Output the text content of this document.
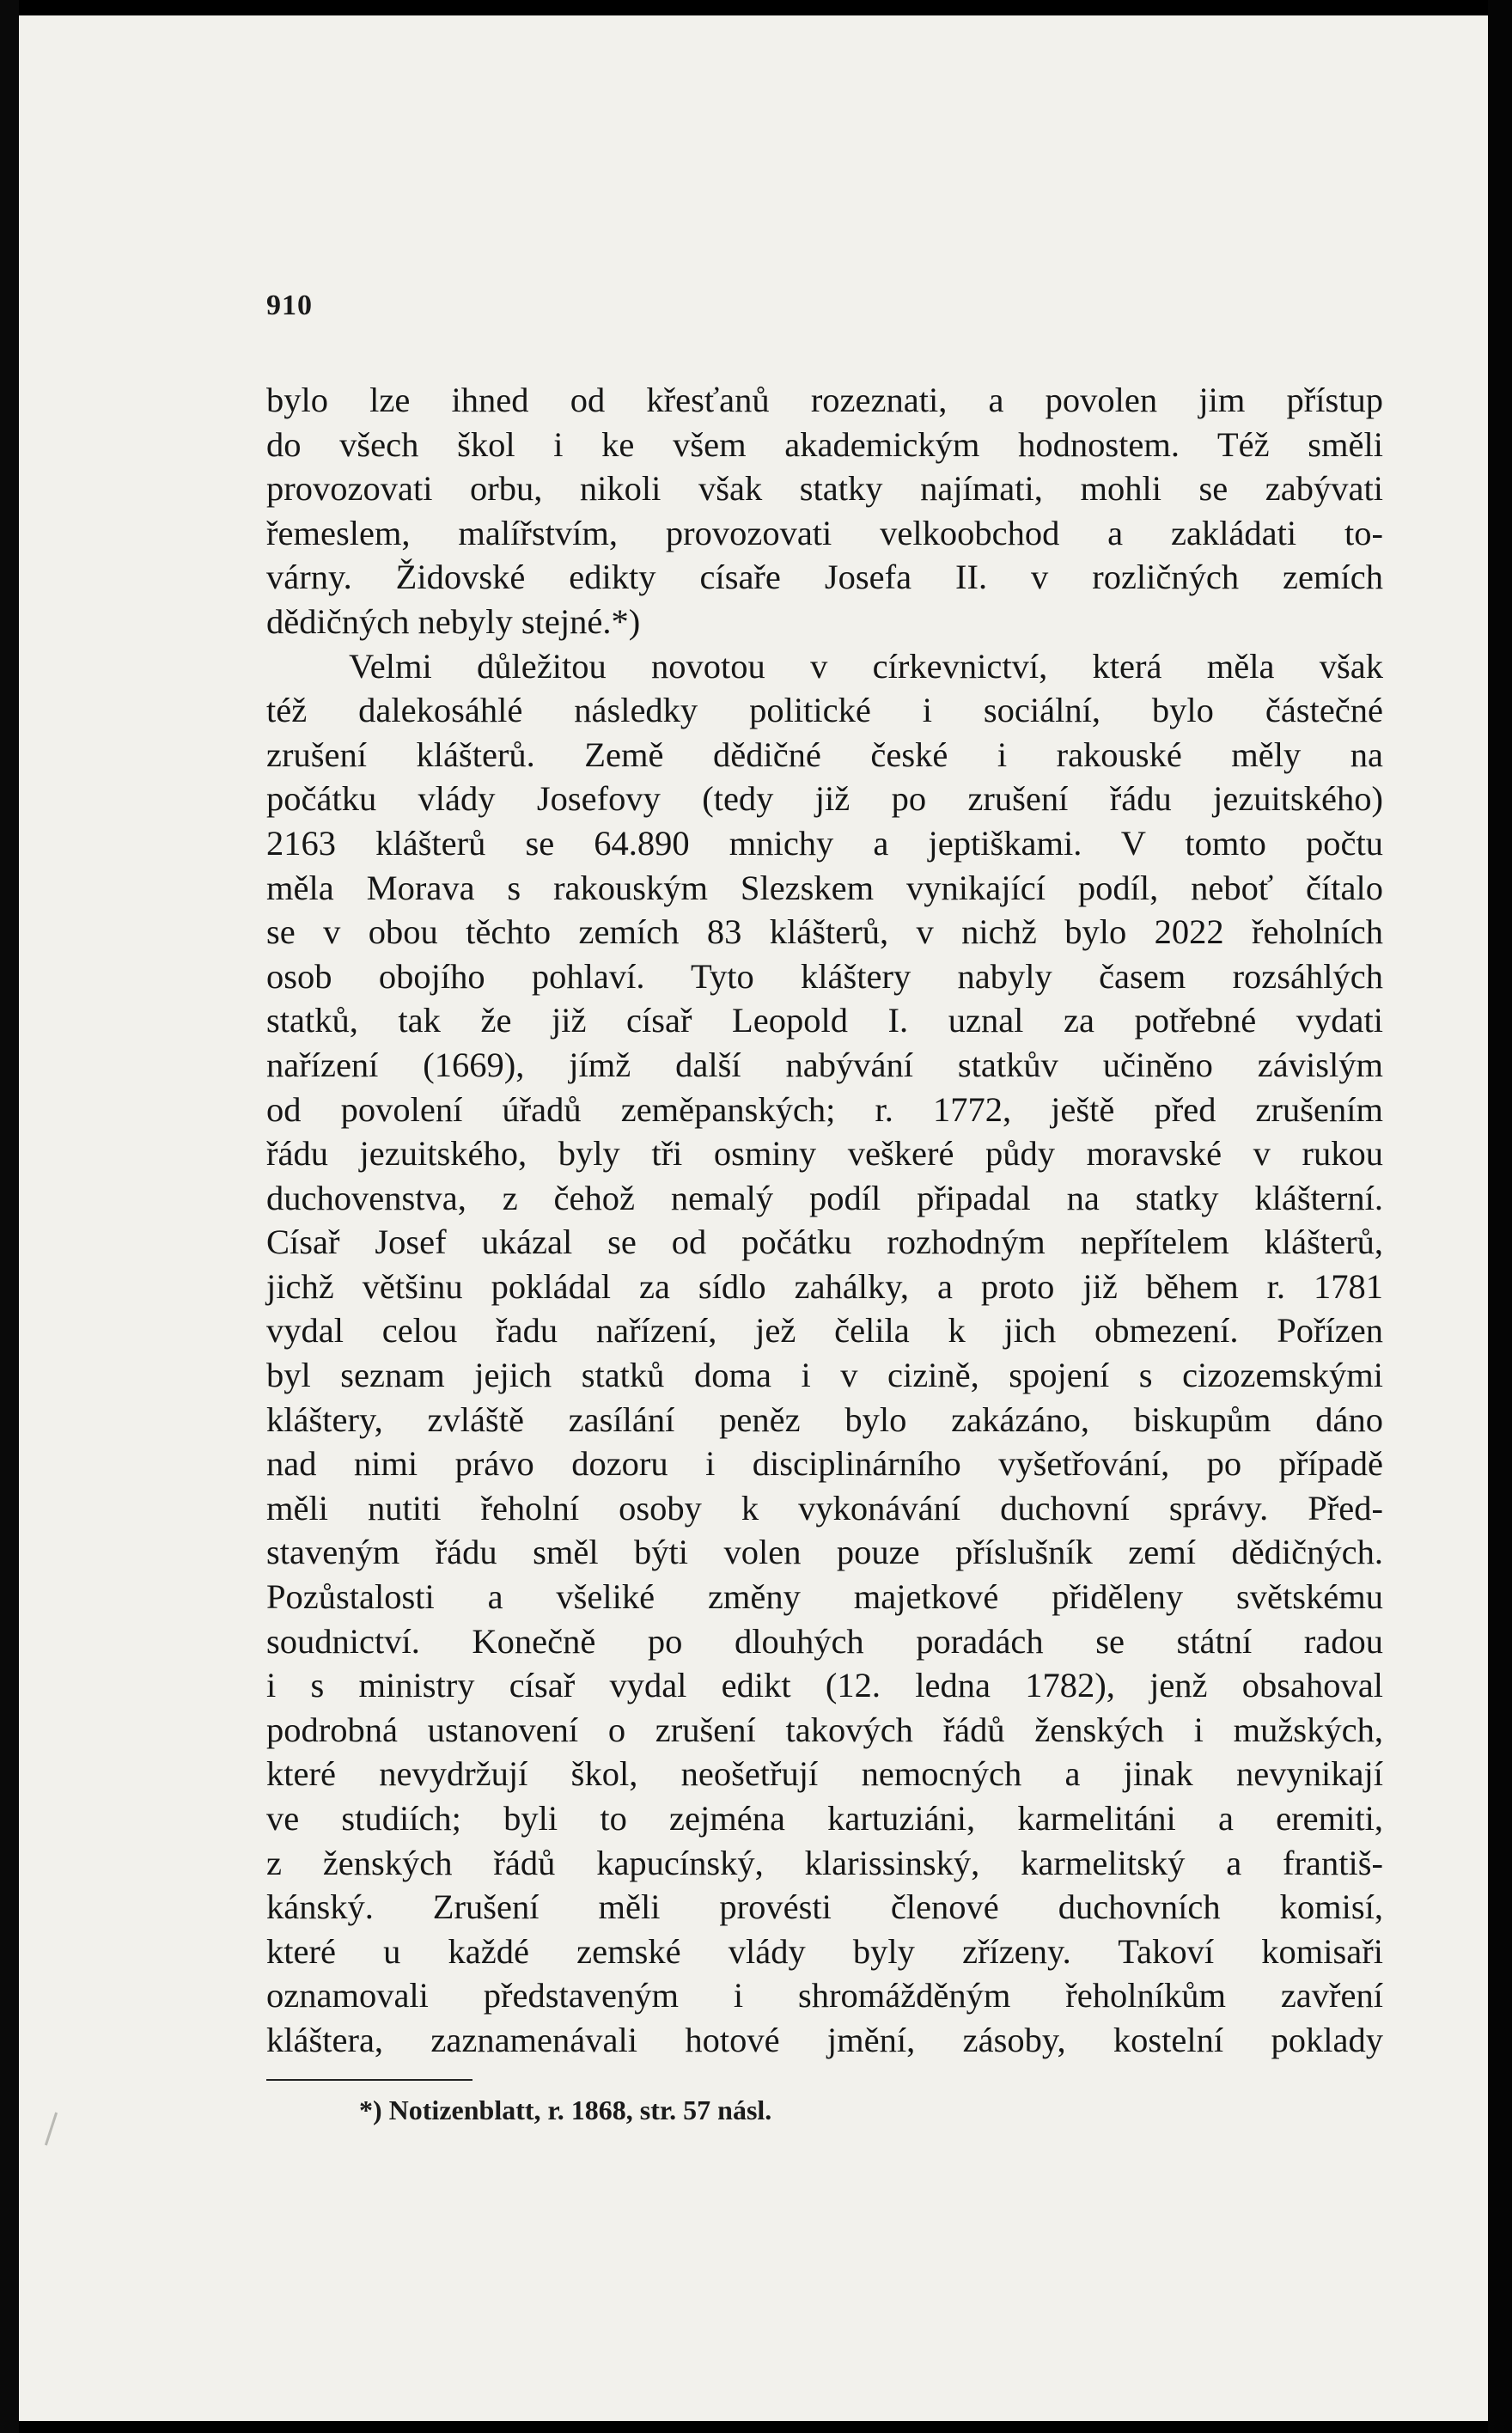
910
bylo lze ihned od křesťanů rozeznati, a povolen jim přístup
do všech škol i ke všem akademickým hodnostem. Též směli
provozovati orbu, nikoli však statky najímati, mohli se zabývati
řemeslem, malířstvím, provozovati velkoobchod a zakládati to-
várny. Židovské edikty císaře Josefa II. v rozličných zemích
dědičných nebyly stejné.*)
Velmi důležitou novotou v církevnictví, která měla však
též dalekosáhlé následky politické i sociální, bylo částečné
zrušení klášterů. Země dědičné české i rakouské měly na
počátku vlády Josefovy (tedy již po zrušení řádu jezuitského)
2163 klášterů se 64.890 mnichy a jeptiškami. V tomto počtu
měla Morava s rakouským Slezskem vynikající podíl, neboť čítalo
se v obou těchto zemích 83 klášterů, v nichž bylo 2022 řeholních
osob obojího pohlaví. Tyto kláštery nabyly časem rozsáhlých
statků, tak že již císař Leopold I. uznal za potřebné vydati
nařízení (1669), jímž další nabývání statkův učiněno závislým
od povolení úřadů zeměpanských; r. 1772, ještě před zrušením
řádu jezuitského, byly tři osminy veškeré půdy moravské v rukou
duchovenstva, z čehož nemalý podíl připadal na statky klášterní.
Císař Josef ukázal se od počátku rozhodným nepřítelem klášterů,
jichž většinu pokládal za sídlo zahálky, a proto již během r. 1781
vydal celou řadu nařízení, jež čelila k jich obmezení. Pořízen
byl seznam jejich statků doma i v cizině, spojení s cizozemskými
kláštery, zvláště zasílání peněz bylo zakázáno, biskupům dáno
nad nimi právo dozoru i disciplinárního vyšetřování, po případě
měli nutiti řeholní osoby k vykonávání duchovní správy. Před-
staveným řádu směl býti volen pouze příslušník zemí dědičných.
Pozůstalosti a všeliké změny majetkové přiděleny světskému
soudnictví. Konečně po dlouhých poradách se státní radou
i s ministry císař vydal edikt (12. ledna 1782), jenž obsahoval
podrobná ustanovení o zrušení takových řádů ženských i mužských,
které nevydržují škol, neošetřují nemocných a jinak nevynikají
ve studiích; byli to zejména kartuziáni, karmelitáni a eremiti,
z ženských řádů kapucínský, klarissinský, karmelitský a františ-
kánský. Zrušení měli provésti členové duchovních komisí,
které u každé zemské vlády byly zřízeny. Takoví komisaři
oznamovali představeným i shromážděným řeholníkům zavření
kláštera, zaznamenávali hotové jmění, zásoby, kostelní poklady
*) Notizenblatt, r. 1868, str. 57 násl.
